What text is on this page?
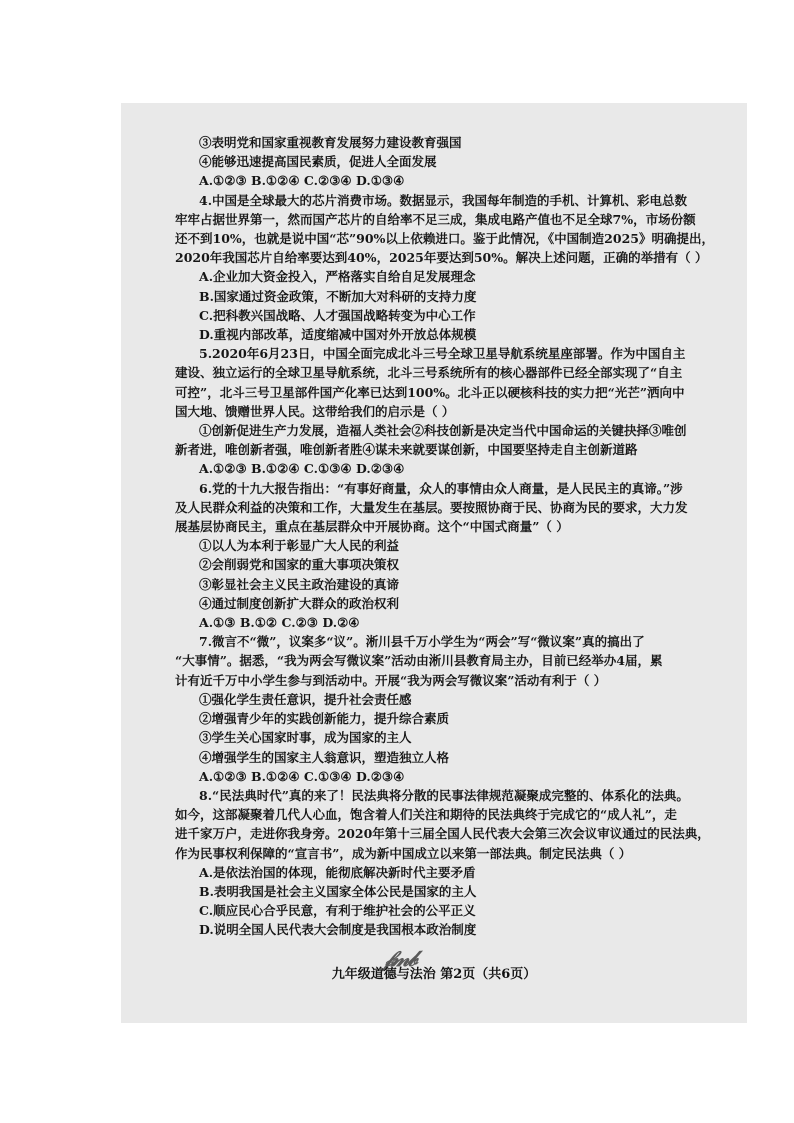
③表明党和国家重视教育发展努力建设教育强国
④能够迅速提高国民素质，促进人全面发展
A.①②③ B.①②④ C.②③④ D.①③④
4.中国是全球最大的芯片消费市场。数据显示，我国每年制造的手机、计算机、彩电总数
牢牢占据世界第一，然而国产芯片的自给率不足三成，集成电路产值也不足全球7%，市场份额
还不到10%，也就是说中国“芯”90%以上依赖进口。鉴于此情况，《中国制造2025》明确提出，
2020年我国芯片自给率要达到40%，2025年要达到50%。解决上述问题，正确的举措有（ ）
A.企业加大资金投入，严格落实自给自足发展理念
B.国家通过资金政策，不断加大对科研的支持力度
C.把科教兴国战略、人才强国战略转变为中心工作
D.重视内部改革，适度缩减中国对外开放总体规模
5.2020年6月23日，中国全面完成北斗三号全球卫星导航系统星座部署。作为中国自主
建设、独立运行的全球卫星导航系统，北斗三号系统所有的核心器部件已经全部实现了“自主
可控”，北斗三号卫星部件国产化率已达到100%。北斗正以硬核科技的实力把“光芒”洒向中
国大地、馈赠世界人民。这带给我们的启示是（ ）
①创新促进生产力发展，造福人类社会②科技创新是决定当代中国命运的关键抉择③唯创
新者进，唯创新者强，唯创新者胜④谋未来就要谋创新，中国要坚持走自主创新道路
A.①②③ B.①②④ C.①③④ D.②③④
6.党的十九大报告指出：“有事好商量，众人的事情由众人商量，是人民民主的真谛。”涉
及人民群众利益的决策和工作，大量发生在基层。要按照协商于民、协商为民的要求，大力发
展基层协商民主，重点在基层群众中开展协商。这个“中国式商量”（ ）
①以人为本利于彰显广大人民的利益
②会削弱党和国家的重大事项决策权
③彰显社会主义民主政治建设的真谛
④通过制度创新扩大群众的政治权利
A.①③ B.①② C.②③ D.②④
7.微言不“微”，议案多“议”。淅川县千万小学生为“两会”写“微议案”真的搞出了
“大事情”。据悉，“我为两会写微议案”活动由淅川县教育局主办，目前已经举办4届，累
计有近千万中小学生参与到活动中。开展“我为两会写微议案”活动有利于（ ）
①强化学生责任意识，提升社会责任感
②增强青少年的实践创新能力，提升综合素质
③学生关心国家时事，成为国家的主人
④增强学生的国家主人翁意识，塑造独立人格
A.①②③ B.①②④ C.①③④ D.②③④
8.“民法典时代”真的来了！民法典将分散的民事法律规范凝聚成完整的、体系化的法典。
如今，这部凝聚着几代人心血，饱含着人们关注和期待的民法典终于完成它的“成人礼”，走
进千家万户，走进你我身旁。2020年第十三届全国人民代表大会第三次会议审议通过的民法典，
作为民事权利保障的“宣言书”，成为新中国成立以来第一部法典。制定民法典（ ）
A.是依法治国的体现，能彻底解决新时代主要矛盾
B.表明我国是社会主义国家全体公民是国家的主人
C.顺应民心合乎民意，有利于维护社会的公平正义
D.说明全国人民代表大会制度是我国根本政治制度
𝒻𝓂𝒷
九年级道德与法治 第2页（共6页）
